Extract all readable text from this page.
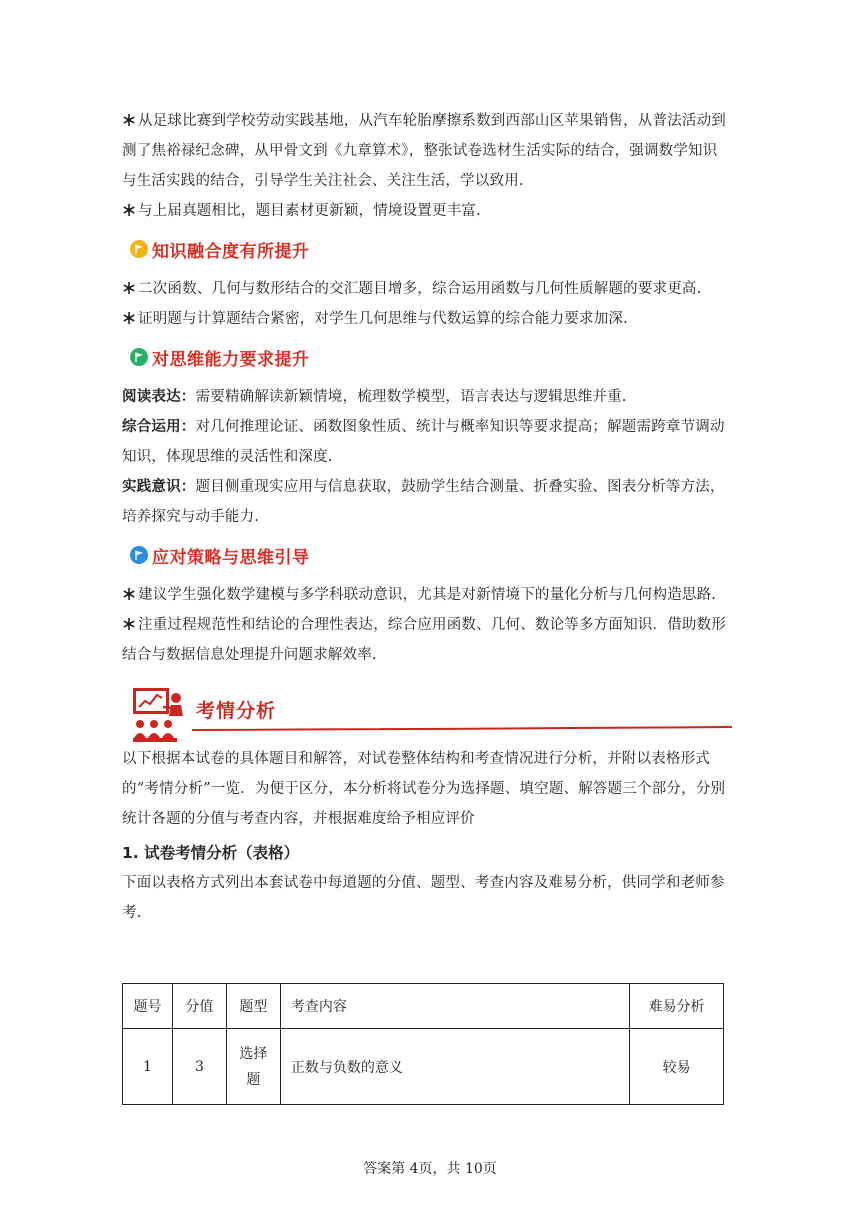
从足球比赛到学校劳动实践基地，从汽车轮胎摩擦系数到西部山区苹果销售，从普法活动到测了焦裕禄纪念碑，从甲骨文到《九章算术》，整张试卷选材生活实际的结合，强调数学知识与生活实践的结合，引导学生关注社会、关注生活，学以致用.

与上届真题相比，题目素材更新颖，情境设置更丰富.

知识融合度有所提升

二次函数、几何与数形结合的交汇题目增多，综合运用函数与几何性质解题的要求更高.

证明题与计算题结合紧密，对学生几何思维与代数运算的综合能力要求加深.

对思维能力要求提升

阅读表达：需要精确解读新颖情境，梳理数学模型，语言表达与逻辑思维并重.

综合运用：对几何推理论证、函数图象性质、统计与概率知识等要求提高；解题需跨章节调动知识，体现思维的灵活性和深度.

实践意识：题目侧重现实应用与信息获取，鼓励学生结合测量、折叠实验、图表分析等方法，培养探究与动手能力.

应对策略与思维引导

建议学生强化数学建模与多学科联动意识，尤其是对新情境下的量化分析与几何构造思路.

注重过程规范性和结论的合理性表达，综合应用函数、几何、数论等多方面知识．借助数形结合与数据信息处理提升问题求解效率.

考情分析

以下根据本试卷的具体题目和解答，对试卷整体结构和考查情况进行分析，并附以表格形式的“考情分析”一览．为便于区分，本分析将试卷分为选择题、填空题、解答题三个部分，分别统计各题的分值与考查内容，并根据难度给予相应评价

1. 试卷考情分析（表格）

下面以表格方式列出本套试卷中每道题的分值、题型、考查内容及难易分析，供同学和老师参考.

题号	分值	题型	考查内容	难易分析
1	3	选择题	正数与负数的意义	较易
答案第 4页，共 10页
